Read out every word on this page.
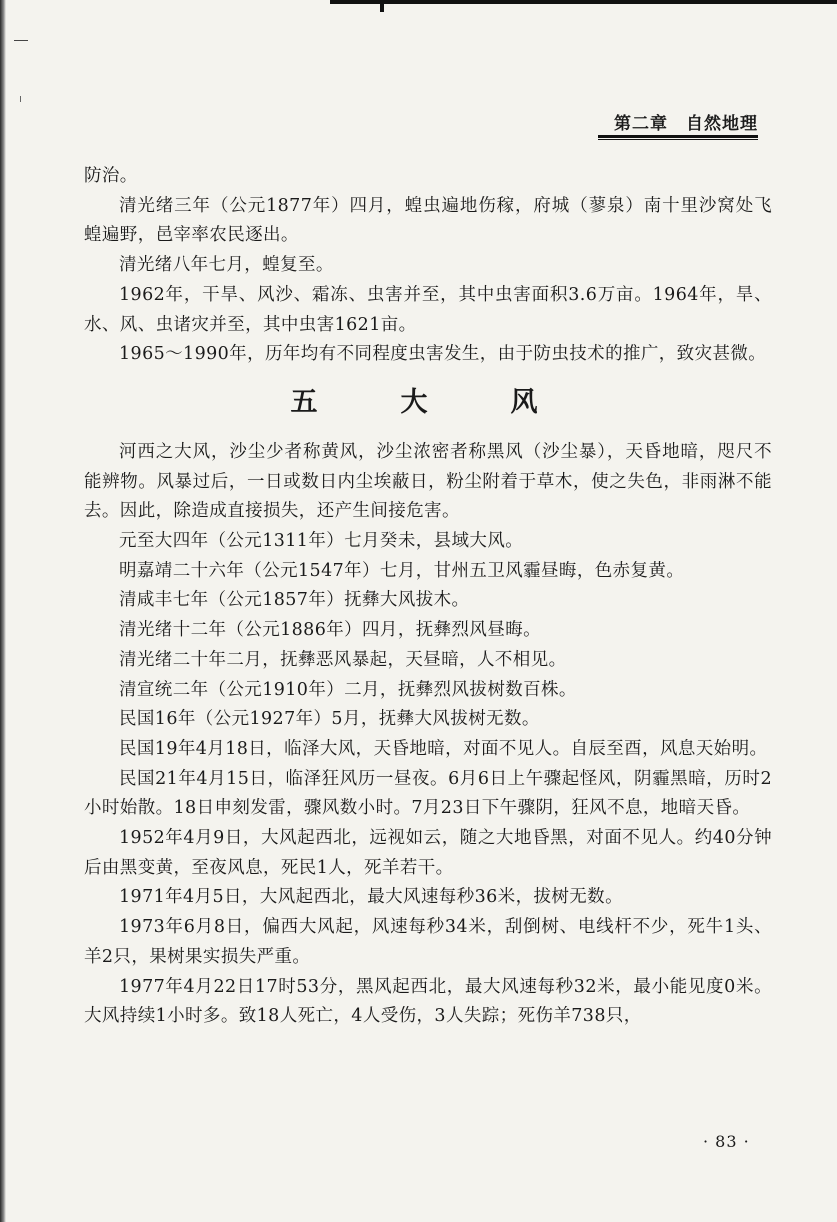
第二章　自然地理

防治。

清光绪三年（公元1877年）四月，蝗虫遍地伤稼，府城（蓼泉）南十里沙窝处飞蝗遍野，邑宰率农民逐出。

清光绪八年七月，蝗复至。

1962年，干旱、风沙、霜冻、虫害并至，其中虫害面积3.6万亩。1964年，旱、水、风、虫诸灾并至，其中虫害1621亩。

1965～1990年，历年均有不同程度虫害发生，由于防虫技术的推广，致灾甚微。

五　大　风

河西之大风，沙尘少者称黄风，沙尘浓密者称黑风（沙尘暴），天昏地暗，咫尺不能辨物。风暴过后，一日或数日内尘埃蔽日，粉尘附着于草木，使之失色，非雨淋不能去。因此，除造成直接损失，还产生间接危害。

元至大四年（公元1311年）七月癸未，县域大风。

明嘉靖二十六年（公元1547年）七月，甘州五卫风霾昼晦，色赤复黄。

清咸丰七年（公元1857年）抚彝大风拔木。

清光绪十二年（公元1886年）四月，抚彝烈风昼晦。

清光绪二十年二月，抚彝恶风暴起，天昼暗，人不相见。

清宣统二年（公元1910年）二月，抚彝烈风拔树数百株。

民国16年（公元1927年）5月，抚彝大风拔树无数。

民国19年4月18日，临泽大风，天昏地暗，对面不见人。自辰至酉，风息天始明。

民国21年4月15日，临泽狂风历一昼夜。6月6日上午骤起怪风，阴霾黑暗，历时2小时始散。18日申刻发雷，骤风数小时。7月23日下午骤阴，狂风不息，地暗天昏。

1952年4月9日，大风起西北，远视如云，随之大地昏黑，对面不见人。约40分钟后由黑变黄，至夜风息，死民1人，死羊若干。

1971年4月5日，大风起西北，最大风速每秒36米，拔树无数。

1973年6月8日，偏西大风起，风速每秒34米，刮倒树、电线杆不少，死牛1头、羊2只，果树果实损失严重。

1977年4月22日17时53分，黑风起西北，最大风速每秒32米，最小能见度0米。大风持续1小时多。致18人死亡，4人受伤，3人失踪；死伤羊738只，

· 83 ·
